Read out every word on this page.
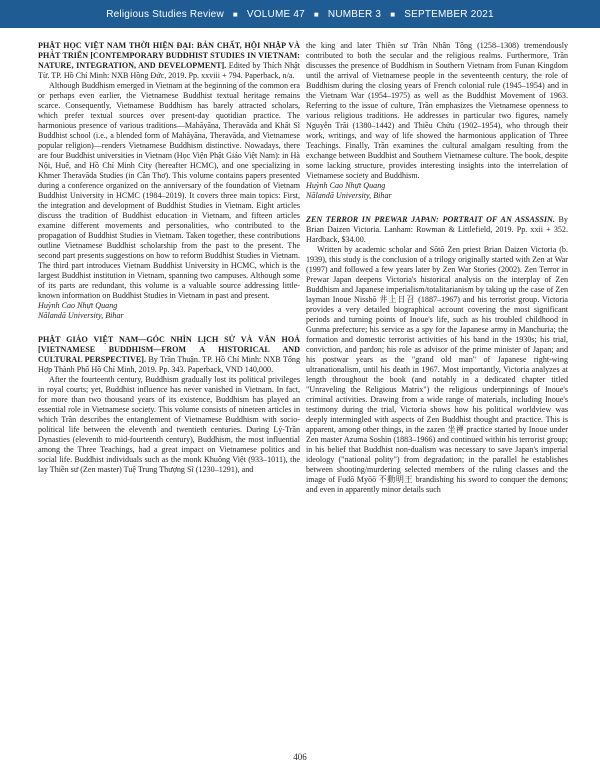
Religious Studies Review ■ VOLUME 47 ■ NUMBER 3 ■ SEPTEMBER 2021

PHẬT HỌC VIỆT NAM THỜI HIỆN ĐẠI: BẢN CHẤT, HỘI NHẬP VÀ PHÁT TRIỂN [CONTEMPORARY BUDDHIST STUDIES IN VIETNAM: NATURE, INTEGRATION, AND DEVELOPMENT]. Edited by Thích Nhật Từ. TP. Hồ Chí Minh: NXB Hồng Đức, 2019. Pp. xxviii + 794. Paperback, n/a.

Although Buddhism emerged in Vietnam at the beginning of the common era or perhaps even earlier, the Vietnamese Buddhist textual heritage remains scarce. Consequently, Vietnamese Buddhism has barely attracted scholars, which prefer textual sources over present-day quotidian practice. The harmonious presence of various traditions—Mahāyāna, Theravāda and Khất Sĩ Buddhist school (i.e., a blended form of Mahāyāna, Theravāda, and Vietnamese popular religion)—renders Vietnamese Buddhism distinctive. Nowadays, there are four Buddhist universities in Vietnam (Học Viện Phật Giáo Việt Nam): in Hà Nội, Huế, and Hồ Chí Minh City (hereafter HCMC), and one specializing in Khmer Theravāda Studies (in Cần Thơ). This volume contains papers presented during a conference organized on the anniversary of the foundation of Vietnam Buddhist University in HCMC (1984–2019). It covers three main topics: First, the integration and development of Buddhist Studies in Vietnam. Eight articles discuss the tradition of Buddhist education in Vietnam, and fifteen articles examine different movements and personalities, who contributed to the propagation of Buddhist Studies in Vietnam. Taken together, these contributions outline Vietnamese Buddhist scholarship from the past to the present. The second part presents suggestions on how to reform Buddhist Studies in Vietnam. The third part introduces Vietnam Buddhist University in HCMC, which is the largest Buddhist institution in Vietnam, spanning two campuses. Although some of its parts are redundant, this volume is a valuable source addressing little-known information on Buddhist Studies in Vietnam in past and present.

Huỳnh Cao Nhựt Quang

Nālandā University, Bihar

PHẬT GIÁO VIỆT NAM—GÓC NHÌN LỊCH SỬ VÀ VĂN HOÁ [VIETNAMESE BUDDHISM—FROM A HISTORICAL AND CULTURAL PERSPECTIVE]. By Trần Thuận. TP. Hồ Chí Minh: NXB Tổng Hợp Thành Phố Hồ Chí Minh, 2019. Pp. 343. Paperback, VND 140,000.

After the fourteenth century, Buddhism gradually lost its political privileges in royal courts; yet, Buddhist influence has never vanished in Vietnam. In fact, for more than two thousand years of its existence, Buddhism has played an essential role in Vietnamese society. This volume consists of nineteen articles in which Trần describes the entanglement of Vietnamese Buddhism with socio-political life between the eleventh and twentieth centuries. During Lý-Trần Dynasties (eleventh to mid-fourteenth century), Buddhism, the most influential among the Three Teachings, had a great impact on Vietnamese politics and social life. Buddhist individuals such as the monk Khuông Việt (933–1011), the lay Thiền sư (Zen master) Tuệ Trung Thượng Sĩ (1230–1291), and

the king and later Thiền sư Trần Nhân Tông (1258–1308) tremendously contributed to both the secular and the religious realms. Furthermore, Trần discusses the presence of Buddhism in Southern Vietnam from Funan Kingdom until the arrival of Vietnamese people in the seventeenth century, the role of Buddhism during the closing years of French colonial rule (1945–1954) and in the Vietnam War (1954–1975) as well as the Buddhist Movement of 1963. Referring to the issue of culture, Trần emphasizes the Vietnamese openness to various religious traditions. He addresses in particular two figures, namely Nguyễn Trãi (1380–1442) and Thiều Chửu (1902–1954), who through their work, writings, and way of life showed the harmonious application of Three Teachings. Finally, Trần examines the cultural amalgam resulting from the exchange between Buddhist and Southern Vietnamese culture. The book, despite some lacking structure, provides interesting insights into the interrelation of Vietnamese society and Buddhism.

Huỳnh Cao Nhựt Quang

Nālandā University, Bihar

ZEN TERROR IN PREWAR JAPAN: PORTRAIT OF AN ASSASSIN. By Brian Daizen Victoria. Lanham: Rowman & Littlefield, 2019. Pp. xxii + 352. Hardback, $34.00.

Written by academic scholar and Sōtō Zen priest Brian Daizen Victoria (b. 1939), this study is the conclusion of a trilogy originally started with Zen at War (1997) and followed a few years later by Zen War Stories (2002). Zen Terror in Prewar Japan deepens Victoria's historical analysis on the interplay of Zen Buddhism and Japanese imperialism/totalitarianism by taking up the case of Zen layman Inoue Nisshō 井上日召 (1887–1967) and his terrorist group. Victoria provides a very detailed biographical account covering the most significant periods and turning points of Inoue's life, such as his troubled childhood in Gunma prefecture; his service as a spy for the Japanese army in Manchuria; the formation and domestic terrorist activities of his band in the 1930s; his trial, conviction, and pardon; his role as advisor of the prime minister of Japan; and his postwar years as the "grand old man" of Japanese right-wing ultranationalism, until his death in 1967. Most importantly, Victoria analyzes at length throughout the book (and notably in a dedicated chapter titled "Unraveling the Religious Matrix") the religious underpinnings of Inoue's criminal activities. Drawing from a wide range of materials, including Inoue's testimony during the trial, Victoria shows how his political worldview was deeply intermingled with aspects of Zen Buddhist thought and practice. This is apparent, among other things, in the zazen 坐禅 practice started by Inoue under Zen master Azuma Soshin (1883–1966) and continued within his terrorist group; in his belief that Buddhist non-dualism was necessary to save Japan's imperial ideology ("national polity") from degradation; in the parallel he establishes between shooting/murdering selected members of the ruling classes and the image of Fudō Myōō 不動明王 brandishing his sword to conquer the demons; and even in apparently minor details such

406
